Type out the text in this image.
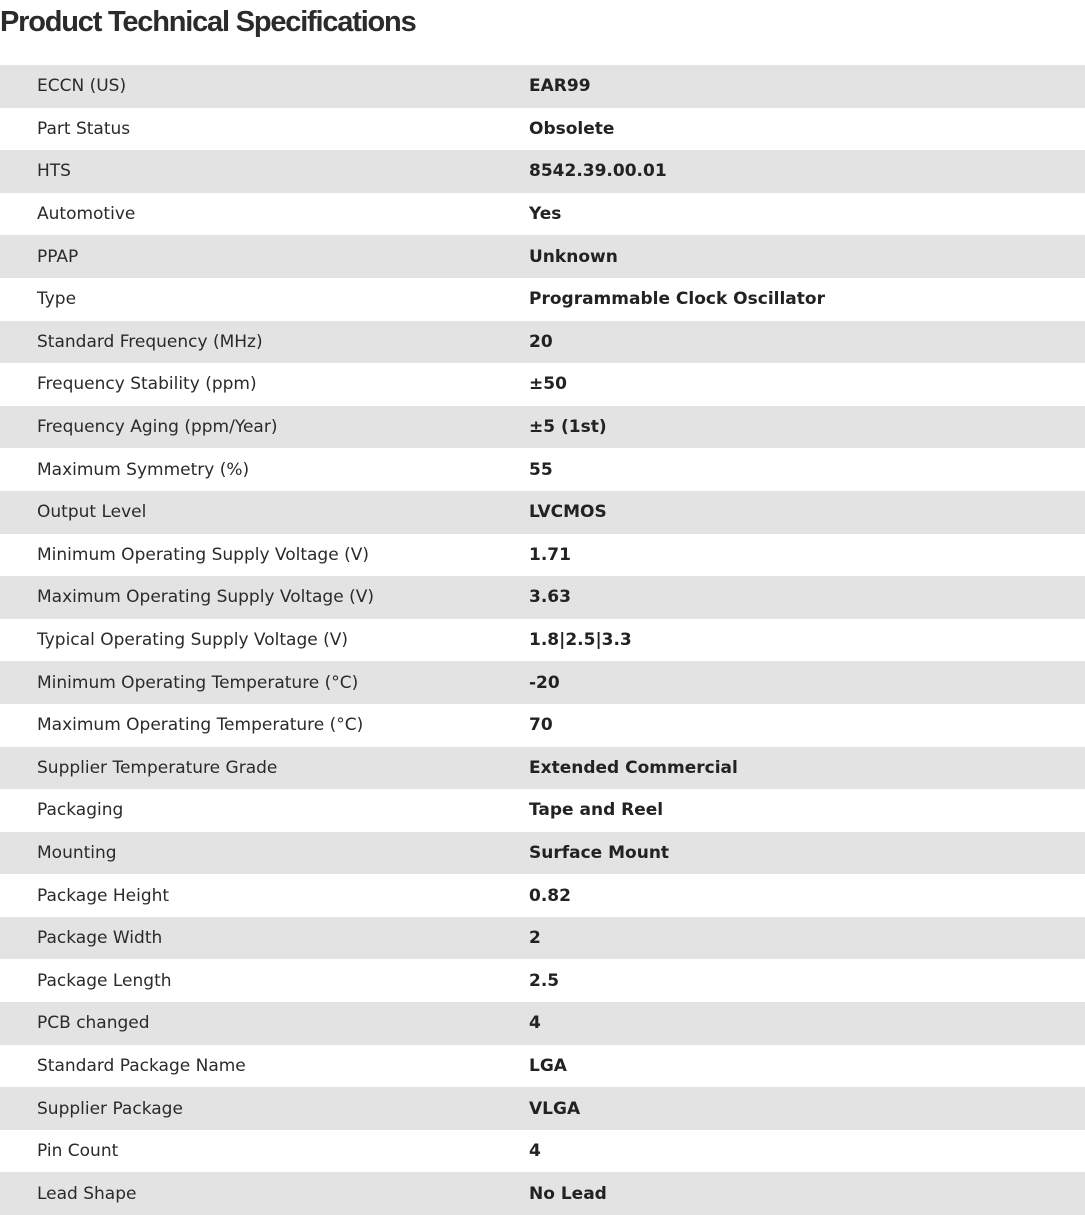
Product Technical Specifications
ECCN (US)	EAR99
Part Status	Obsolete
HTS	8542.39.00.01
Automotive	Yes
PPAP	Unknown
Type	Programmable Clock Oscillator
Standard Frequency (MHz)	20
Frequency Stability (ppm)	±50
Frequency Aging (ppm/Year)	±5 (1st)
Maximum Symmetry (%)	55
Output Level	LVCMOS
Minimum Operating Supply Voltage (V)	1.71
Maximum Operating Supply Voltage (V)	3.63
Typical Operating Supply Voltage (V)	1.8|2.5|3.3
Minimum Operating Temperature (°C)	-20
Maximum Operating Temperature (°C)	70
Supplier Temperature Grade	Extended Commercial
Packaging	Tape and Reel
Mounting	Surface Mount
Package Height	0.82
Package Width	2
Package Length	2.5
PCB changed	4
Standard Package Name	LGA
Supplier Package	VLGA
Pin Count	4
Lead Shape	No Lead
